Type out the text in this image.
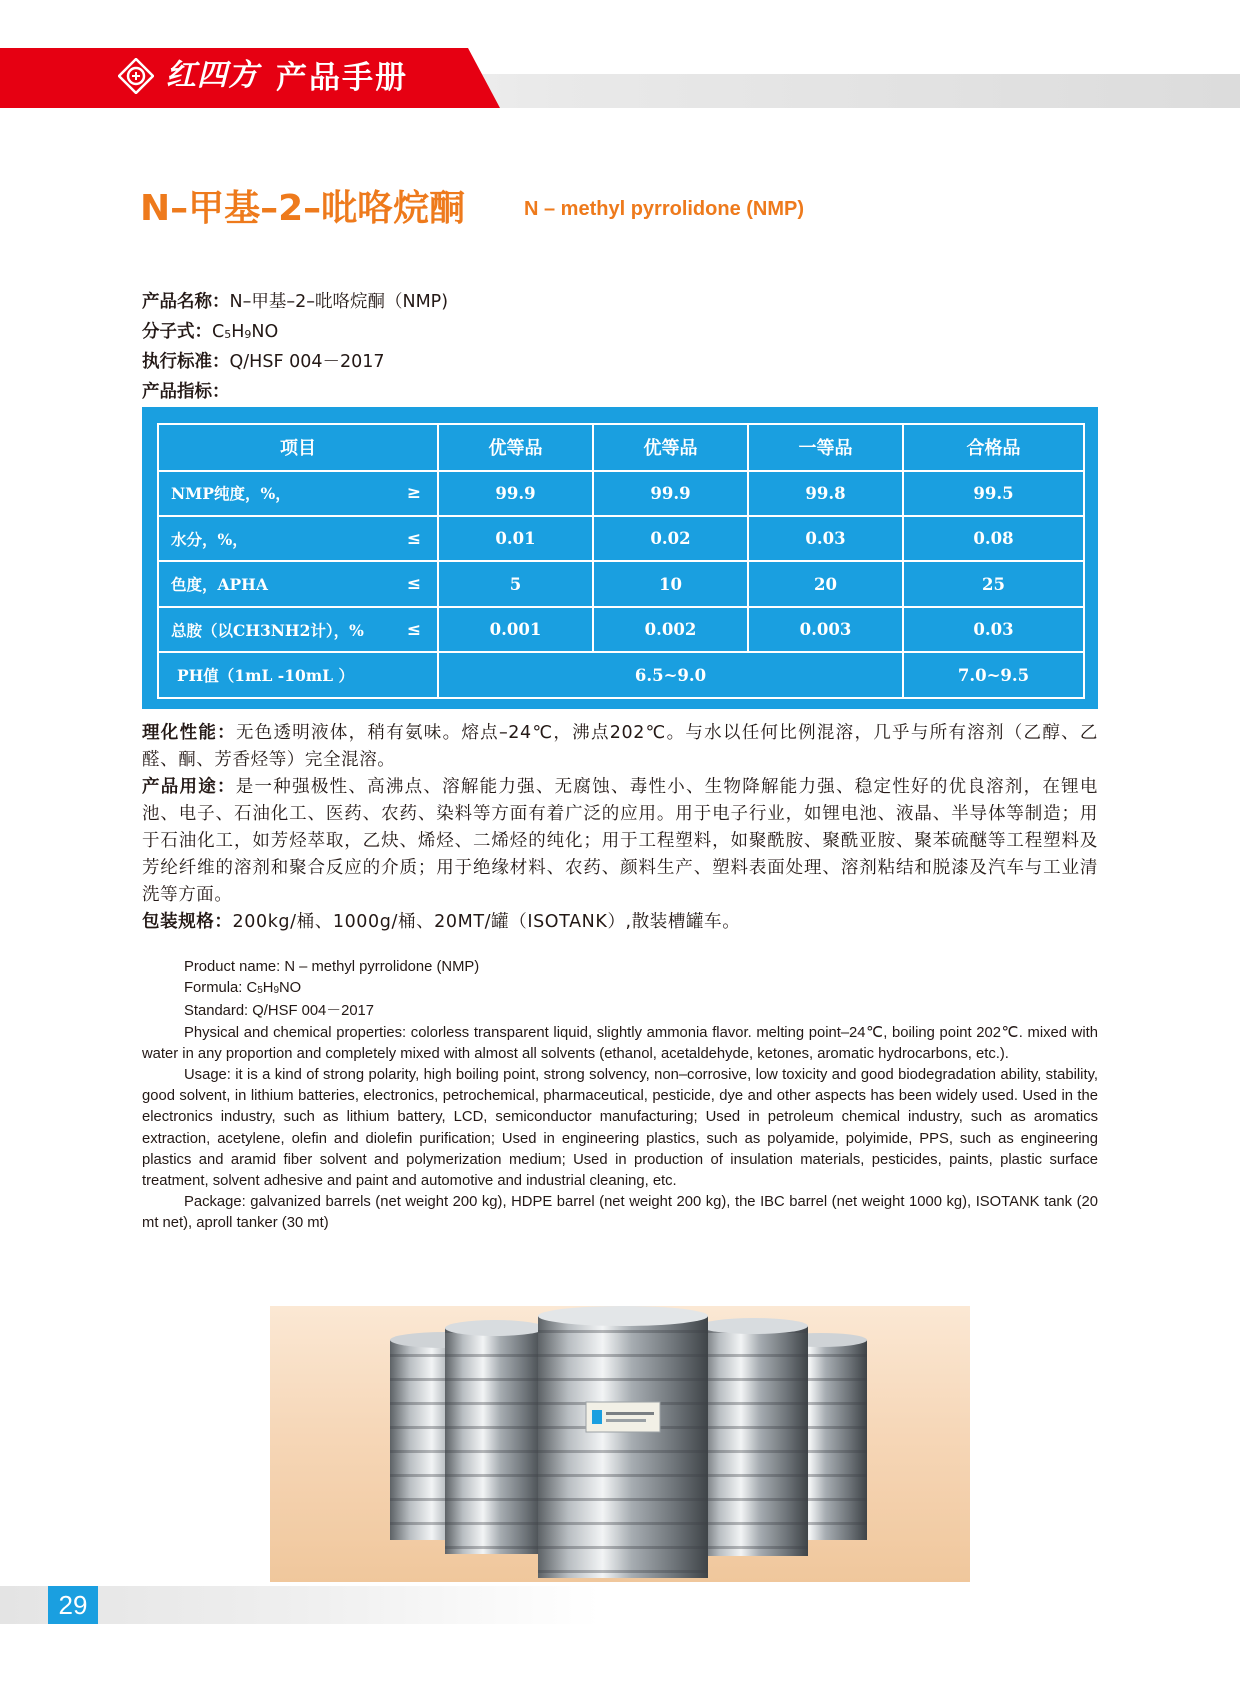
红四方 产品手册
N–甲基–2–吡咯烷酮	N – methyl pyrrolidone (NMP)
产品名称：N–甲基–2–吡咯烷酮（NMP)
分子式：$C_5H_9NO$
执行标准：Q/HSF 004－2017
产品指标：
项目	优等品	优等品	一等品	合格品
NMP纯度，%， ≥	99.9	99.9	99.8	99.5
水分，%， ≤	0.01	0.02	0.03	0.08
色度，APHA ≤	5	10	20	25
总胺（以CH3NH2计），% ≤	0.001	0.002	0.003	0.03
PH值（1mL -10mL ）	6.5~9.0			7.0~9.5

理化性能：无色透明液体，稍有氨味。熔点–24℃，沸点202℃。与水以任何比例混溶，几乎与所有溶剂（乙醇、乙醛、酮、芳香烃等）完全混溶。

产品用途：是一种强极性、高沸点、溶解能力强、无腐蚀、毒性小、生物降解能力强、稳定性好的优良溶剂，在锂电池、电子、石油化工、医药、农药、染料等方面有着广泛的应用。用于电子行业，如锂电池、液晶、半导体等制造；用于石油化工，如芳烃萃取，乙炔、烯烃、二烯烃的纯化；用于工程塑料，如聚酰胺、聚酰亚胺、聚苯硫醚等工程塑料及芳纶纤维的溶剂和聚合反应的介质；用于绝缘材料、农药、颜料生产、塑料表面处理、溶剂粘结和脱漆及汽车与工业清洗等方面。

包装规格：200kg/桶、1000g/桶、20MT/罐（ISOTANK）,散装槽罐车。

Product name: N – methyl pyrrolidone (NMP)

Formula: $C_5H_9NO$

Standard: Q/HSF 004－2017

Physical and chemical properties: colorless transparent liquid, slightly ammonia flavor. melting point–24℃, boiling point 202℃. mixed with water in any proportion and completely mixed with almost all solvents (ethanol, acetaldehyde, ketones, aromatic hydrocarbons, etc.).

Usage: it is a kind of strong polarity, high boiling point, strong solvency, non–corrosive, low toxicity and good biodegradation ability, stability, good solvent, in lithium batteries, electronics, petrochemical, pharmaceutical, pesticide, dye and other aspects has been widely used. Used in the electronics industry, such as lithium battery, LCD, semiconductor manufacturing; Used in petroleum chemical industry, such as aromatics extraction, acetylene, olefin and diolefin purification; Used in engineering plastics, such as polyamide, polyimide, PPS, such as engineering plastics and aramid fiber solvent and polymerization medium; Used in production of insulation materials, pesticides, paints, plastic surface treatment, solvent adhesive and paint and automotive and industrial cleaning, etc.

Package: galvanized barrels (net weight 200 kg), HDPE barrel (net weight 200 kg), the IBC barrel (net weight 1000 kg), ISOTANK tank (20 mt net), aproll tanker (30 mt)

29
